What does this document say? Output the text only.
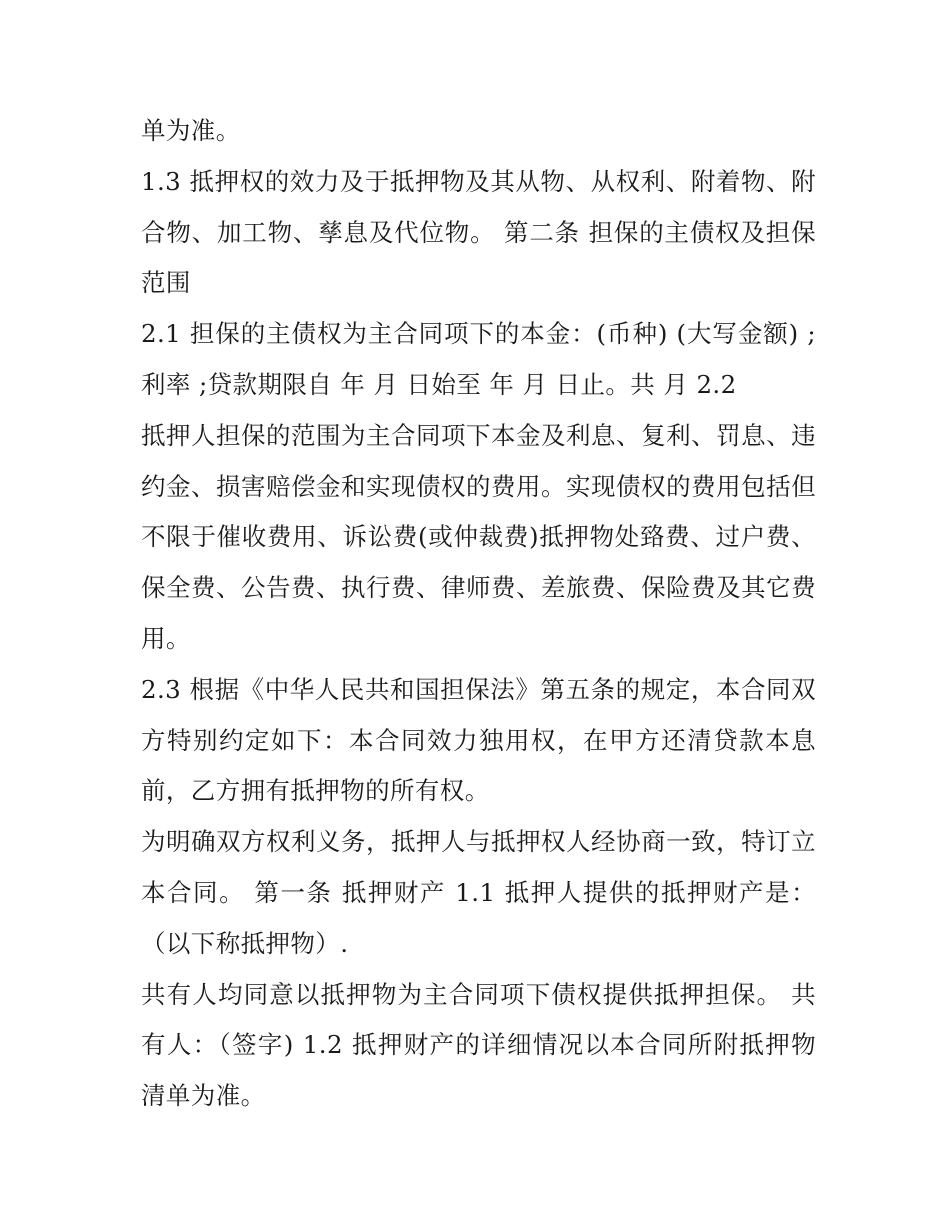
单为准。

1.3 抵押权的效力及于抵押物及其从物、从权利、附着物、附合物、加工物、孳息及代位物。 第二条 担保的主债权及担保范围

2.1 担保的主债权为主合同项下的本金：(币种) (大写金额) ;利率 ;贷款期限自 年 月 日始至 年 月 日止。共 月 2.2

抵押人担保的范围为主合同项下本金及利息、复利、罚息、违约金、损害赔偿金和实现债权的费用。实现债权的费用包括但不限于催收费用、诉讼费(或仲裁费)抵押物处臵费、过户费、保全费、公告费、执行费、律师费、差旅费、保险费及其它费用。

2.3 根据《中华人民共和国担保法》第五条的规定，本合同双方特别约定如下：本合同效力独用权，在甲方还清贷款本息前，乙方拥有抵押物的所有权。

为明确双方权利义务，抵押人与抵押权人经协商一致，特订立本合同。 第一条 抵押财产 1.1 抵押人提供的抵押财产是：（以下称抵押物）.

共有人均同意以抵押物为主合同项下债权提供抵押担保。 共有人：（签字) 1.2 抵押财产的详细情况以本合同所附抵押物清单为准。
